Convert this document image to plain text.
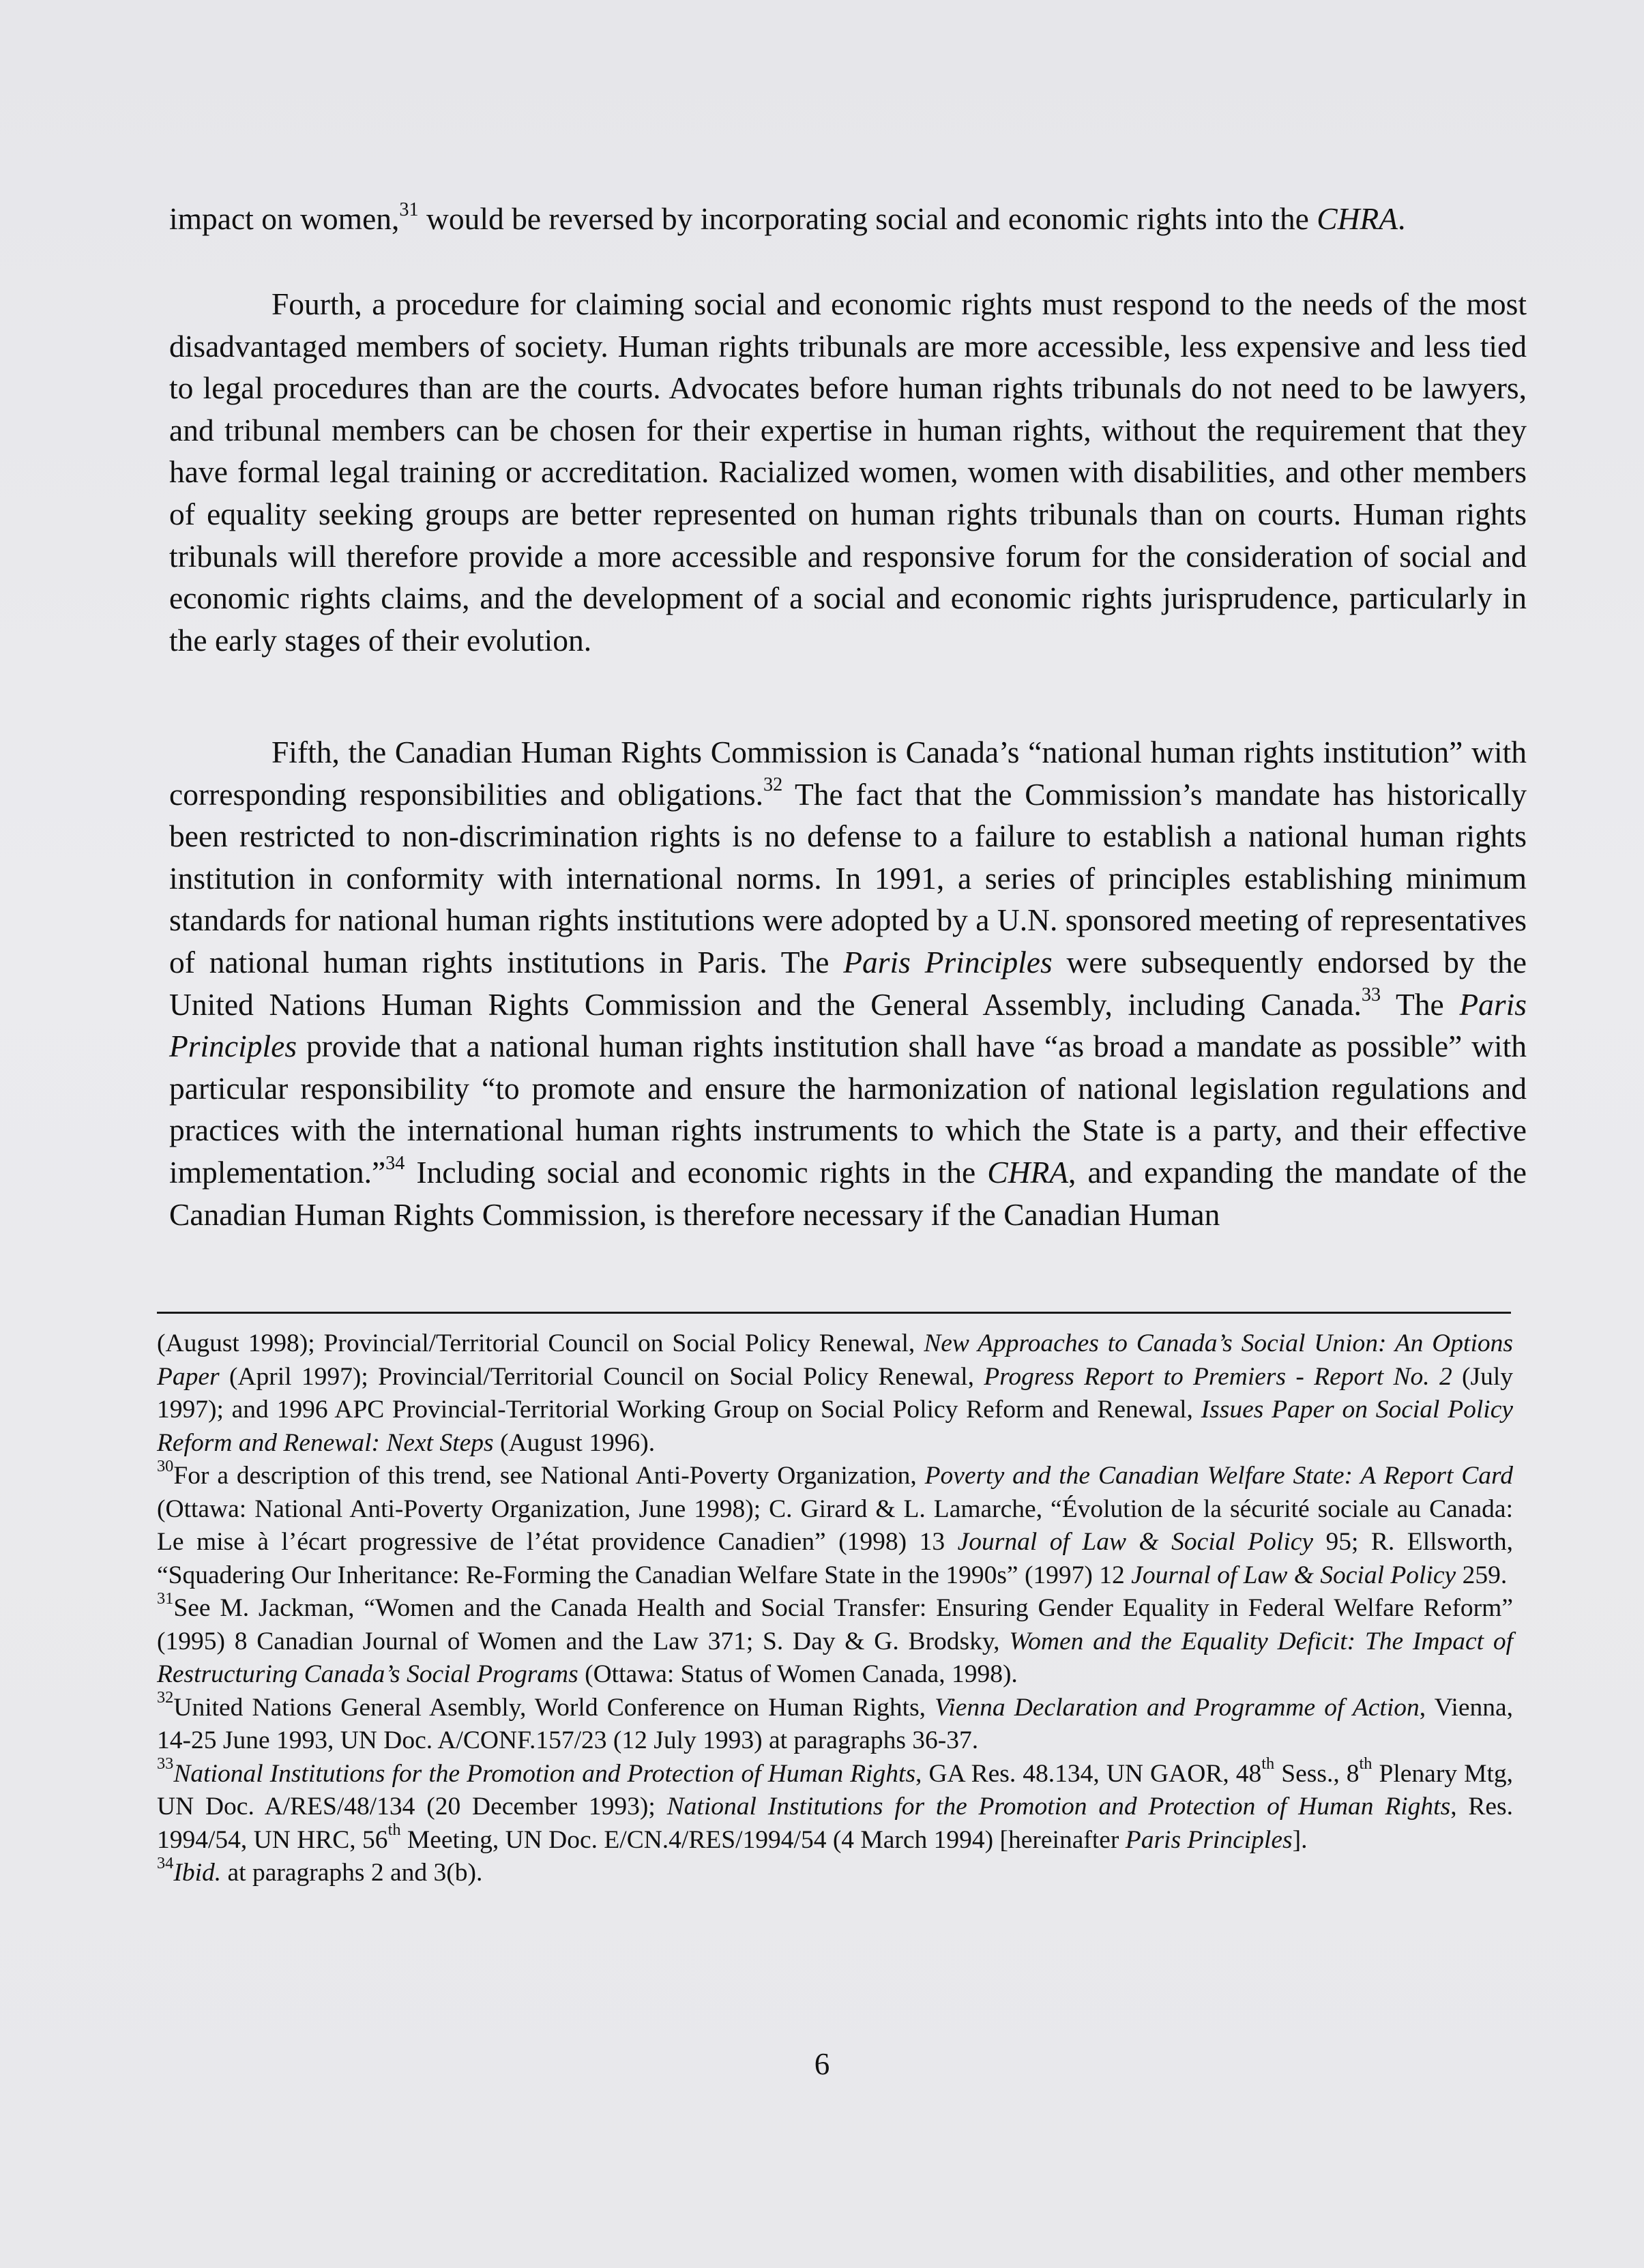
impact on women,$^{31}$ would be reversed by incorporating social and economic rights into the CHRA.

Fourth, a procedure for claiming social and economic rights must respond to the needs of the most disadvantaged members of society. Human rights tribunals are more accessible, less expensive and less tied to legal procedures than are the courts. Advocates before human rights tribunals do not need to be lawyers, and tribunal members can be chosen for their expertise in human rights, without the requirement that they have formal legal training or accreditation. Racialized women, women with disabilities, and other members of equality seeking groups are better represented on human rights tribunals than on courts. Human rights tribunals will therefore provide a more accessible and responsive forum for the consideration of social and economic rights claims, and the development of a social and economic rights jurisprudence, particularly in the early stages of their evolution.

Fifth, the Canadian Human Rights Commission is Canada’s “national human rights institution” with corresponding responsibilities and obligations.$^{32}$ The fact that the Commission’s mandate has historically been restricted to non-discrimination rights is no defense to a failure to establish a national human rights institution in conformity with international norms. In 1991, a series of principles establishing minimum standards for national human rights institutions were adopted by a U.N. sponsored meeting of representatives of national human rights institutions in Paris. The Paris Principles were subsequently endorsed by the United Nations Human Rights Commission and the General Assembly, including Canada.$^{33}$ The Paris Principles provide that a national human rights institution shall have “as broad a mandate as possible” with particular responsibility “to promote and ensure the harmonization of national legislation regulations and practices with the international human rights instruments to which the State is a party, and their effective implementation.”$^{34}$ Including social and economic rights in the CHRA, and expanding the mandate of the Canadian Human Rights Commission, is therefore necessary if the Canadian Human

(August 1998); Provincial/Territorial Council on Social Policy Renewal, New Approaches to Canada’s Social Union: An Options Paper (April 1997); Provincial/Territorial Council on Social Policy Renewal, Progress Report to Premiers - Report No. 2 (July 1997); and 1996 APC Provincial-Territorial Working Group on Social Policy Reform and Renewal, Issues Paper on Social Policy Reform and Renewal: Next Steps (August 1996).

$^{30}$For a description of this trend, see National Anti-Poverty Organization, Poverty and the Canadian Welfare State: A Report Card (Ottawa: National Anti-Poverty Organization, June 1998); C. Girard & L. Lamarche, “Évolution de la sécurité sociale au Canada: Le mise à l’écart progressive de l’état providence Canadien” (1998) 13 Journal of Law & Social Policy 95; R. Ellsworth, “Squadering Our Inheritance: Re-Forming the Canadian Welfare State in the 1990s” (1997) 12 Journal of Law & Social Policy 259.

$^{31}$See M. Jackman, “Women and the Canada Health and Social Transfer: Ensuring Gender Equality in Federal Welfare Reform” (1995) 8 Canadian Journal of Women and the Law 371; S. Day & G. Brodsky, Women and the Equality Deficit: The Impact of Restructuring Canada’s Social Programs (Ottawa: Status of Women Canada, 1998).

$^{32}$United Nations General Asembly, World Conference on Human Rights, Vienna Declaration and Programme of Action, Vienna, 14-25 June 1993, UN Doc. A/CONF.157/23 (12 July 1993) at paragraphs 36-37.

$^{33}$National Institutions for the Promotion and Protection of Human Rights, GA Res. 48.134, UN GAOR, 48th Sess., 8th Plenary Mtg, UN Doc. A/RES/48/134 (20 December 1993); National Institutions for the Promotion and Protection of Human Rights, Res. 1994/54, UN HRC, 56th Meeting, UN Doc. E/CN.4/RES/1994/54 (4 March 1994) [hereinafter Paris Principles].

$^{34}$Ibid. at paragraphs 2 and 3(b).

6
